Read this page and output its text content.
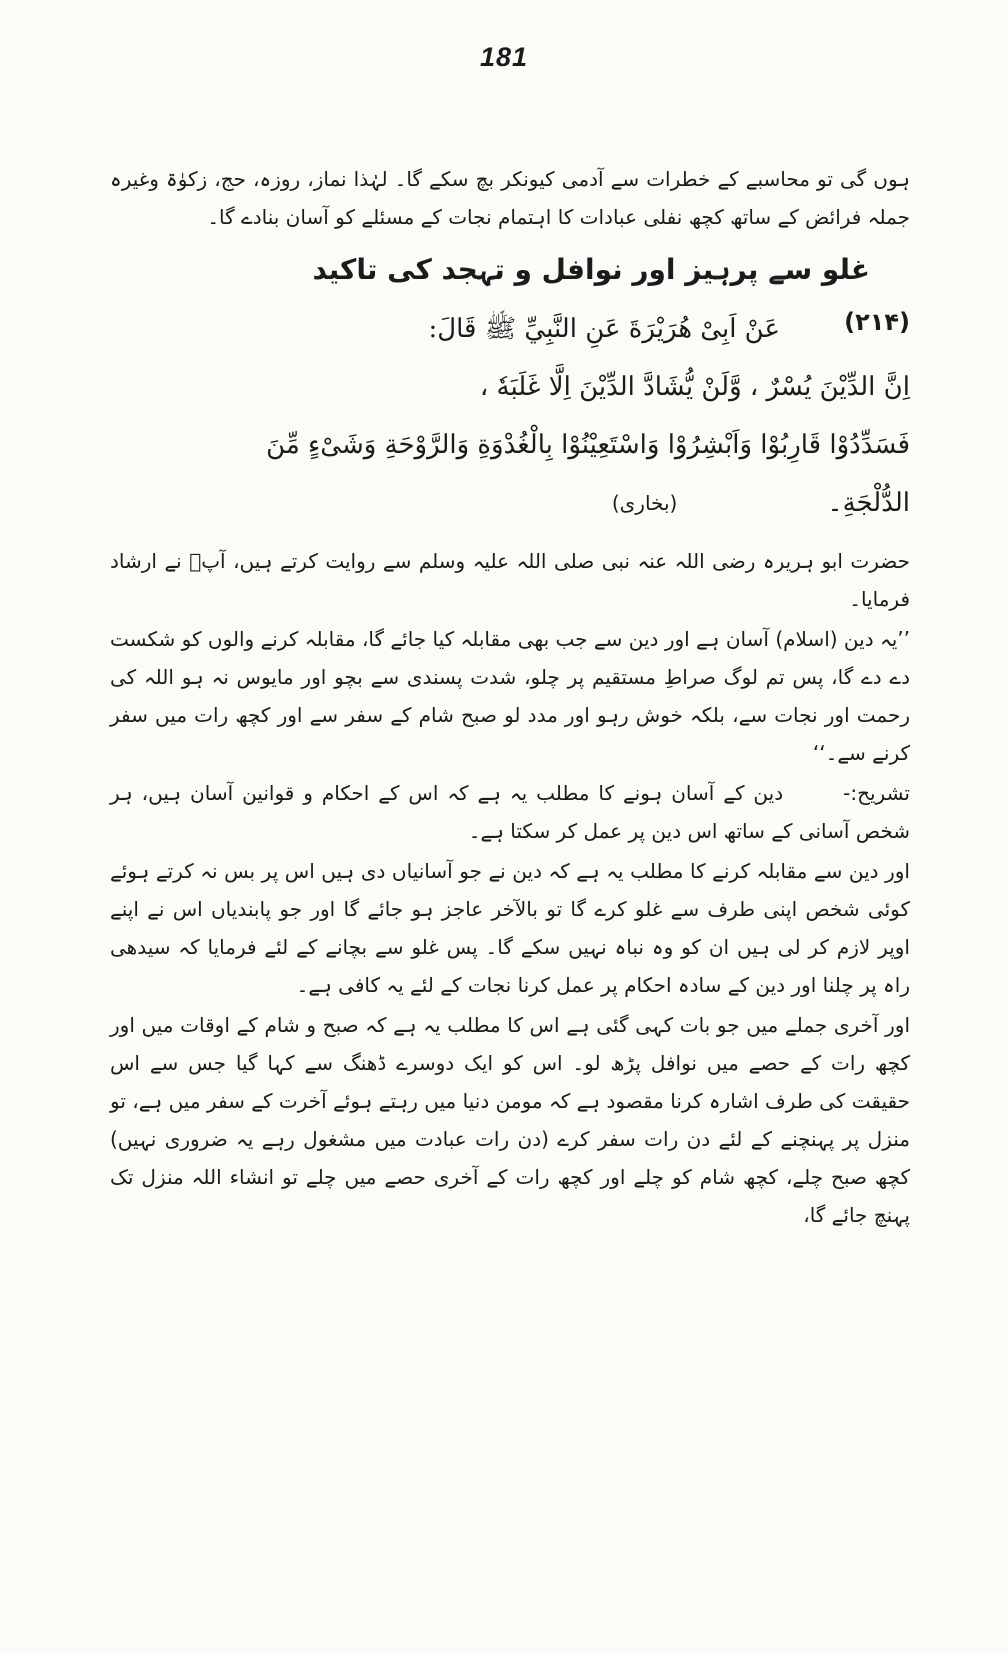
181

ہوں گی تو محاسبے کے خطرات سے آدمی کیونکر بچ سکے گا۔ لہٰذا نماز، روزہ، حج، زکوٰۃ وغیرہ جملہ فرائض کے ساتھ کچھ نفلی عبادات کا اہتمام نجات کے مسئلے کو آسان بنادے گا۔

غلو سے پرہیز اور نوافل و تہجد کی تاکید
(۲۱۴)
عَنْ اَبِیْ هُرَیْرَةَ عَنِ النَّبِيِّ ﷺ قَالَ:
اِنَّ الدِّیْنَ یُسْرٌ ، وَّلَنْ یُّشَادَّ الدِّیْنَ اِلَّا غَلَبَهٗ ،
فَسَدِّدُوْا قَارِبُوْا وَاَبْشِرُوْا وَاسْتَعِيْنُوْا بِالْغُدْوَةِ وَالرَّوْحَةِ وَشَیْءٍ مِّنَ
الدُّلْجَةِ۔
(بخاری)

حضرت ابو ہریرہ رضی اللہ عنہ نبی صلی اللہ علیہ وسلم سے روایت کرتے ہیں، آپؐ نے ارشاد فرمایا۔

’’یہ دین (اسلام) آسان ہے اور دین سے جب بھی مقابلہ کیا جائے گا، مقابلہ کرنے والوں کو شکست دے دے گا، پس تم لوگ صراطِ مستقیم پر چلو، شدت پسندی سے بچو اور مایوس نہ ہو اللہ کی رحمت اور نجات سے، بلکہ خوش رہو اور مدد لو صبح شام کے سفر سے اور کچھ رات میں سفر کرنے سے۔‘‘

تشریح:-دین کے آسان ہونے کا مطلب یہ ہے کہ اس کے احکام و قوانین آسان ہیں، ہر شخص آسانی کے ساتھ اس دین پر عمل کر سکتا ہے۔

اور دین سے مقابلہ کرنے کا مطلب یہ ہے کہ دین نے جو آسانیاں دی ہیں اس پر بس نہ کرتے ہوئے کوئی شخص اپنی طرف سے غلو کرے گا تو بالآخر عاجز ہو جائے گا اور جو پابندیاں اس نے اپنے اوپر لازم کر لی ہیں ان کو وہ نباہ نہیں سکے گا۔ پس غلو سے بچانے کے لئے فرمایا کہ سیدھی راہ پر چلنا اور دین کے سادہ احکام پر عمل کرنا نجات کے لئے یہ کافی ہے۔

اور آخری جملے میں جو بات کہی گئی ہے اس کا مطلب یہ ہے کہ صبح و شام کے اوقات میں اور کچھ رات کے حصے میں نوافل پڑھ لو۔ اس کو ایک دوسرے ڈھنگ سے کہا گیا جس سے اس حقیقت کی طرف اشارہ کرنا مقصود ہے کہ مومن دنیا میں رہتے ہوئے آخرت کے سفر میں ہے، تو منزل پر پہنچنے کے لئے دن رات سفر کرے (دن رات عبادت میں مشغول رہے یہ ضروری نہیں) کچھ صبح چلے، کچھ شام کو چلے اور کچھ رات کے آخری حصے میں چلے تو انشاء اللہ منزل تک پہنچ جائے گا،
